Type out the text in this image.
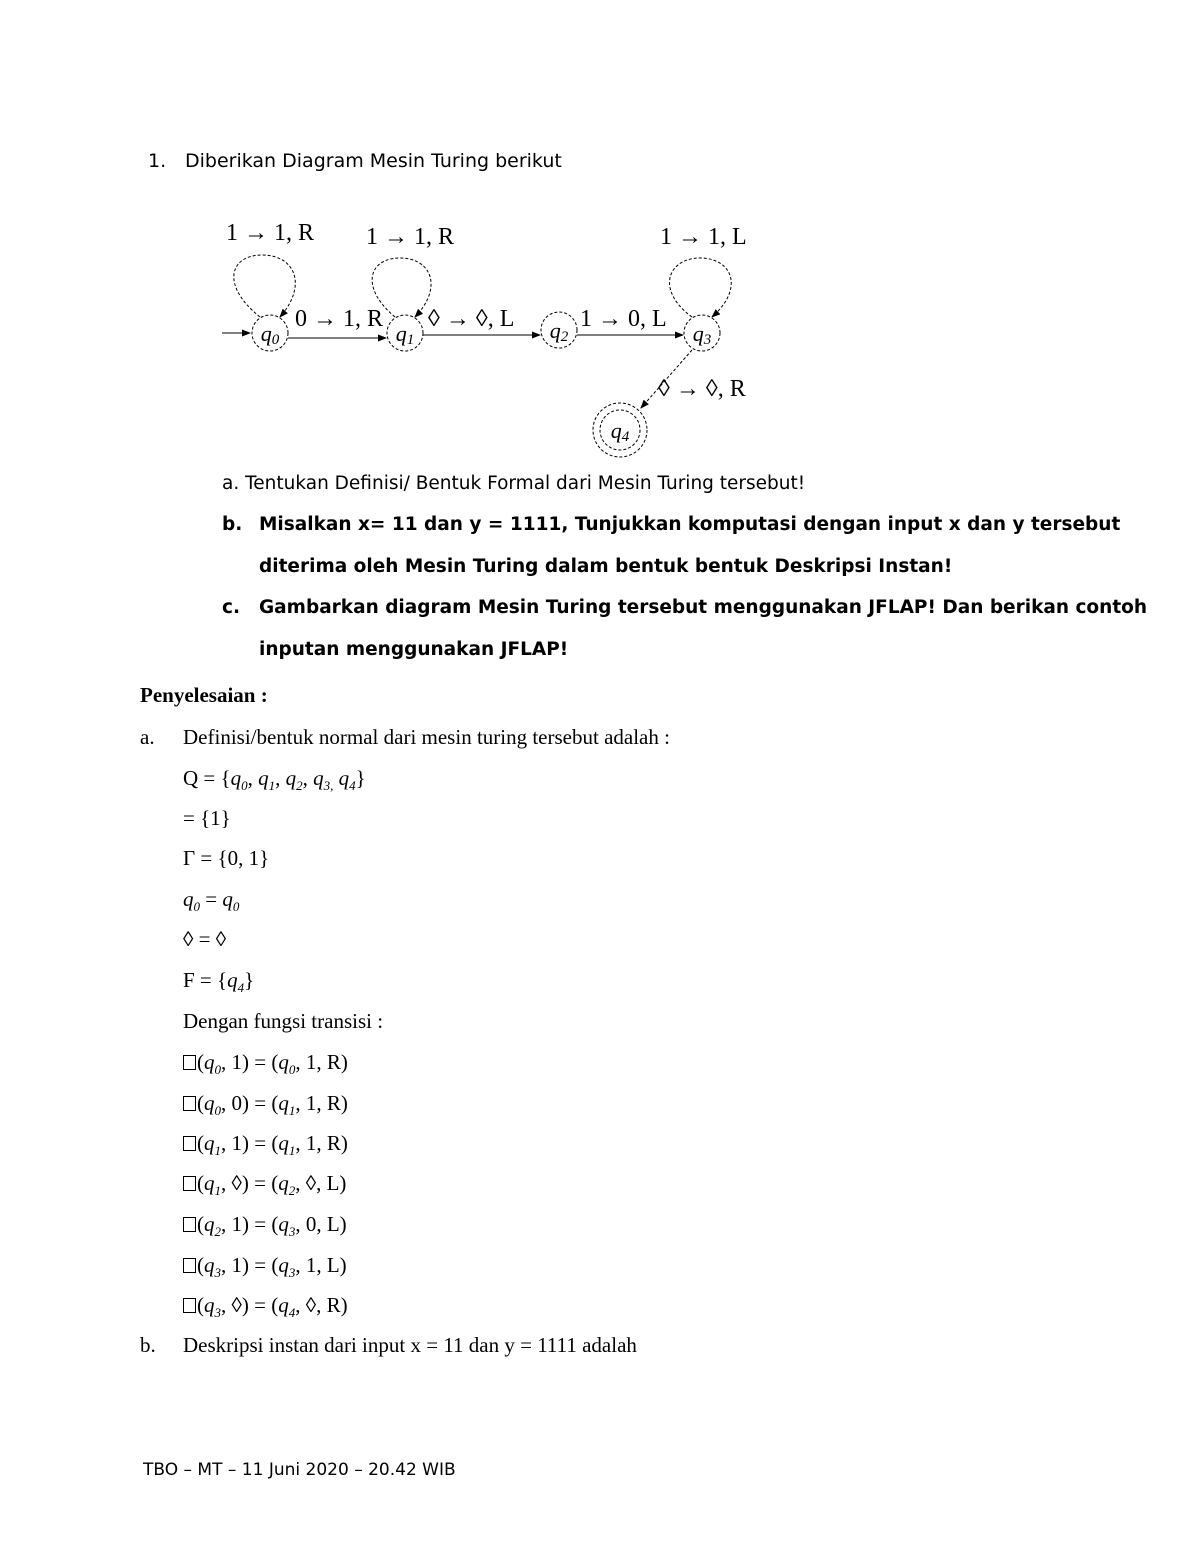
1. Diberikan Diagram Mesin Turing berikut
q0	q1	q2	q3
q4
1 → 1, R 1 → 1, R	1 → 1, L
0 → 1, R ◊ → ◊, L	1 → 0, L
◊ → ◊, R
a. Tentukan Definisi/ Bentuk Formal dari Mesin Turing tersebut!
b. Misalkan x= 11 dan y = 1111, Tunjukkan komputasi dengan input x dan y tersebut
diterima oleh Mesin Turing dalam bentuk bentuk Deskripsi Instan!
c. Gambarkan diagram Mesin Turing tersebut menggunakan JFLAP! Dan berikan contoh
inputan menggunakan JFLAP!
Penyelesaian :
a. Definisi/bentuk normal dari mesin turing tersebut adalah :
$Q = \{q_0$, $q_1$, $q_2$, $q_{3,}$ $q_4$}
= {1}
Γ = {0, 1}
$q_0 = q_0$
◊ = ◊
$F = \{q_4\}$
Dengan fungsi transisi :
($q_0$, $1) = (q_0$, 1, R)
($q_0$, $0) = (q_1$, 1, R)
($q_1$, $1) = (q_1$, 1, R)
($q_1$, ◊) = ($q_2$, ◊, L)
($q_2$, $1) = (q_3$, 0, L)
($q_3$, $1) = (q_3$, 1, L)
($q_3$, ◊) = ($q_4$, ◊, R)
b. Deskripsi instan dari input x = 11 dan y = 1111 adalah
TBO – MT – 11 Juni 2020 – 20.42 WIB
